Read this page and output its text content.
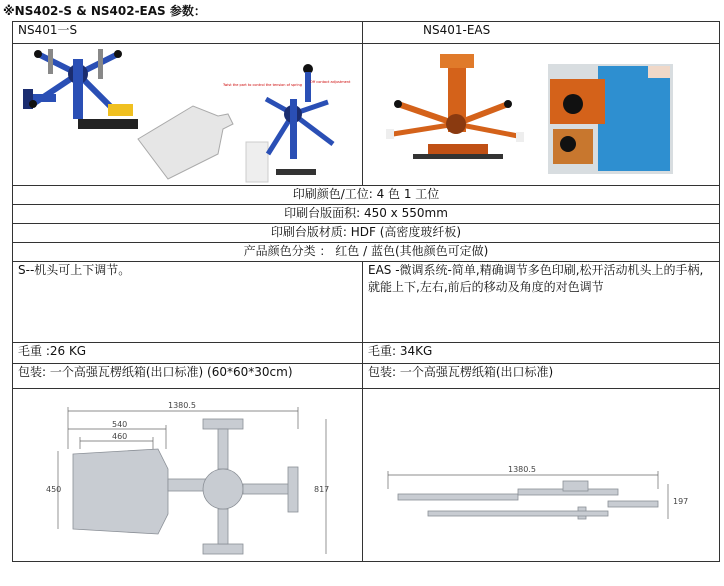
※NS402-S & NS402-EAS 参数：
NS401一S	NS401-EAS

Twist the part to control the tension of spring
Off contact adjustment

印刷颜色/工位: 4 色 1 工位	
印刷台版面积: 450 x 550mm	
印刷台版材质: HDF (高密度玻纤板)	
产品颜色分类 ： 红色 / 蓝色(其他颜色可定做)	
S--机头可上下调节。	EAS -微调系统-简单,精确调节多色印刷,松开活动机头上的手柄,就能上下,左右,前后的移动及角度的对色调节
毛重 :26 KG	毛重: 34KG
包装: 一个高强瓦楞纸箱(出口标准) (60*60*30cm)	包装: 一个高强瓦楞纸箱(出口标准)

1380.5
540
460
450 817	1380.5
197
